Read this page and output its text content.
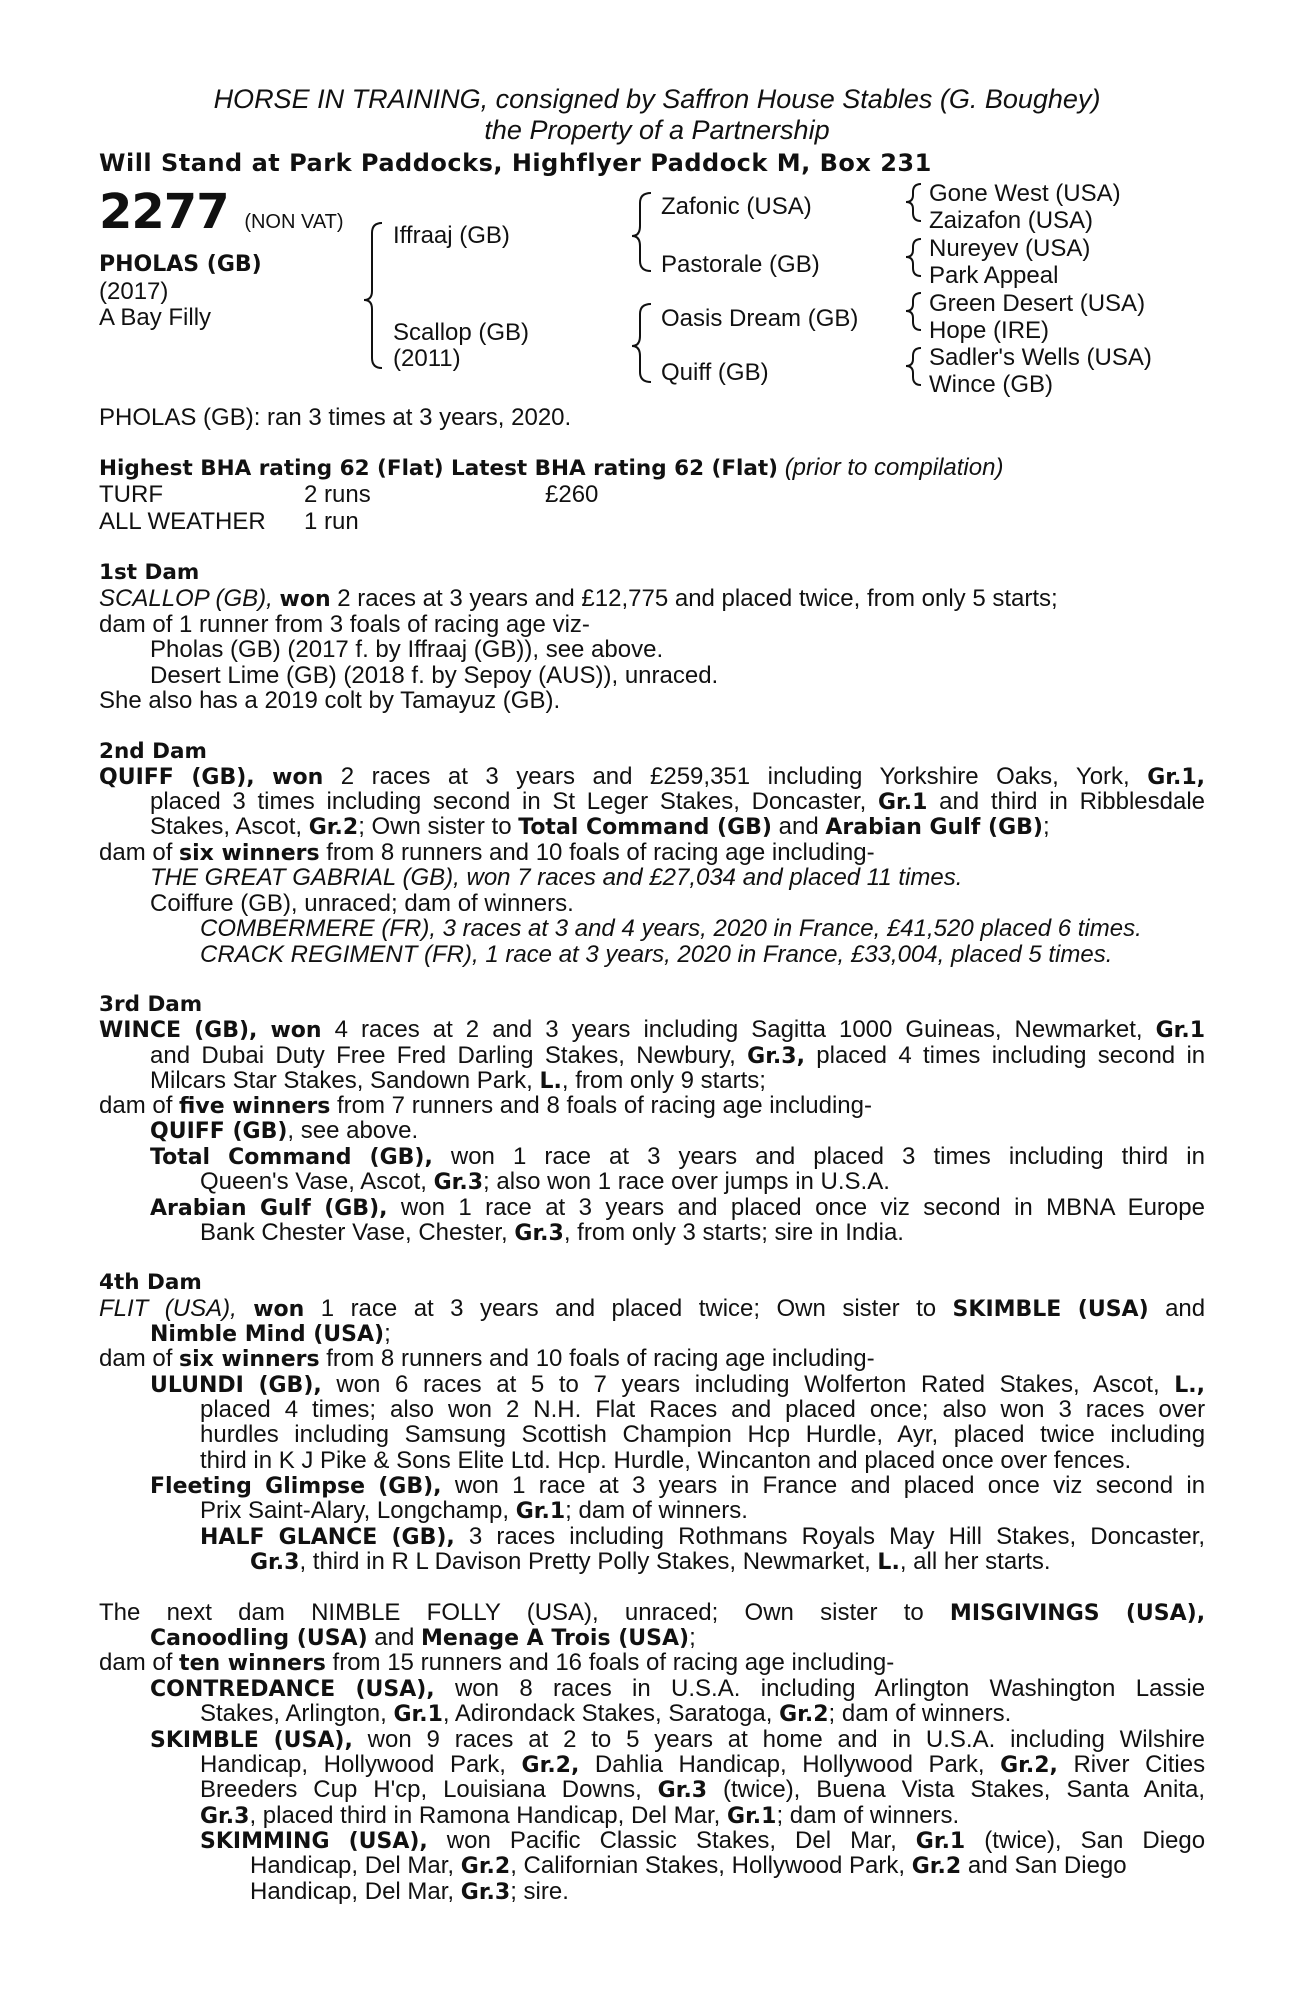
HORSE IN TRAINING, consigned by Saffron House Stables (G. Boughey)
the Property of a Partnership
Will Stand at Park Paddocks, Highflyer Paddock M, Box 231
2277 (NON VAT)
PHOLAS (GB)
(2017)
A Bay Filly
Iffraaj (GB)
Scallop (GB)
(2011)
Zafonic (USA)
Pastorale (GB)
Oasis Dream (GB)
Quiff (GB)
Gone West (USA)
Zaizafon (USA)
Nureyev (USA)
Park Appeal
Green Desert (USA)
Hope (IRE)
Sadler's Wells (USA)
Wince (GB)
PHOLAS (GB): ran 3 times at 3 years, 2020.
Highest BHA rating 62 (Flat) Latest BHA rating 62 (Flat) (prior to compilation)
TURF	2 runs	£260
ALL WEATHER 1 run
1st Dam
SCALLOP (GB), won 2 races at 3 years and £12,775 and placed twice, from only 5 starts;
dam of 1 runner from 3 foals of racing age viz-
Pholas (GB) (2017 f. by Iffraaj (GB)), see above.
Desert Lime (GB) (2018 f. by Sepoy (AUS)), unraced.
She also has a 2019 colt by Tamayuz (GB).
2nd Dam
QUIFF (GB), won 2 races at 3 years and £259,351 including Yorkshire Oaks, York, Gr.1,
placed 3 times including second in St Leger Stakes, Doncaster, Gr.1 and third in Ribblesdale
Stakes, Ascot, Gr.2; Own sister to Total Command (GB) and Arabian Gulf (GB);
dam of six winners from 8 runners and 10 foals of racing age including-
THE GREAT GABRIAL (GB), won 7 races and £27,034 and placed 11 times.
Coiffure (GB), unraced; dam of winners.
COMBERMERE (FR), 3 races at 3 and 4 years, 2020 in France, £41,520 placed 6 times.
CRACK REGIMENT (FR), 1 race at 3 years, 2020 in France, £33,004, placed 5 times.
3rd Dam
WINCE (GB), won 4 races at 2 and 3 years including Sagitta 1000 Guineas, Newmarket, Gr.1
and Dubai Duty Free Fred Darling Stakes, Newbury, Gr.3, placed 4 times including second in
Milcars Star Stakes, Sandown Park, L., from only 9 starts;
dam of five winners from 7 runners and 8 foals of racing age including-
QUIFF (GB), see above.
Total Command (GB), won 1 race at 3 years and placed 3 times including third in
Queen's Vase, Ascot, Gr.3; also won 1 race over jumps in U.S.A.
Arabian Gulf (GB), won 1 race at 3 years and placed once viz second in MBNA Europe
Bank Chester Vase, Chester, Gr.3, from only 3 starts; sire in India.
4th Dam
FLIT (USA), won 1 race at 3 years and placed twice; Own sister to SKIMBLE (USA) and
Nimble Mind (USA);
dam of six winners from 8 runners and 10 foals of racing age including-
ULUNDI (GB), won 6 races at 5 to 7 years including Wolferton Rated Stakes, Ascot, L.,
placed 4 times; also won 2 N.H. Flat Races and placed once; also won 3 races over
hurdles including Samsung Scottish Champion Hcp Hurdle, Ayr, placed twice including
third in K J Pike & Sons Elite Ltd. Hcp. Hurdle, Wincanton and placed once over fences.
Fleeting Glimpse (GB), won 1 race at 3 years in France and placed once viz second in
Prix Saint-Alary, Longchamp, Gr.1; dam of winners.
HALF GLANCE (GB), 3 races including Rothmans Royals May Hill Stakes, Doncaster,
Gr.3, third in R L Davison Pretty Polly Stakes, Newmarket, L., all her starts.
The next dam NIMBLE FOLLY (USA), unraced; Own sister to MISGIVINGS (USA),
Canoodling (USA) and Menage A Trois (USA);
dam of ten winners from 15 runners and 16 foals of racing age including-
CONTREDANCE (USA), won 8 races in U.S.A. including Arlington Washington Lassie
Stakes, Arlington, Gr.1, Adirondack Stakes, Saratoga, Gr.2; dam of winners.
SKIMBLE (USA), won 9 races at 2 to 5 years at home and in U.S.A. including Wilshire
Handicap, Hollywood Park, Gr.2, Dahlia Handicap, Hollywood Park, Gr.2, River Cities
Breeders Cup H'cp, Louisiana Downs, Gr.3 (twice), Buena Vista Stakes, Santa Anita,
Gr.3, placed third in Ramona Handicap, Del Mar, Gr.1; dam of winners.
SKIMMING (USA), won Pacific Classic Stakes, Del Mar, Gr.1 (twice), San Diego
Handicap, Del Mar, Gr.2, Californian Stakes, Hollywood Park, Gr.2 and San Diego
Handicap, Del Mar, Gr.3; sire.
